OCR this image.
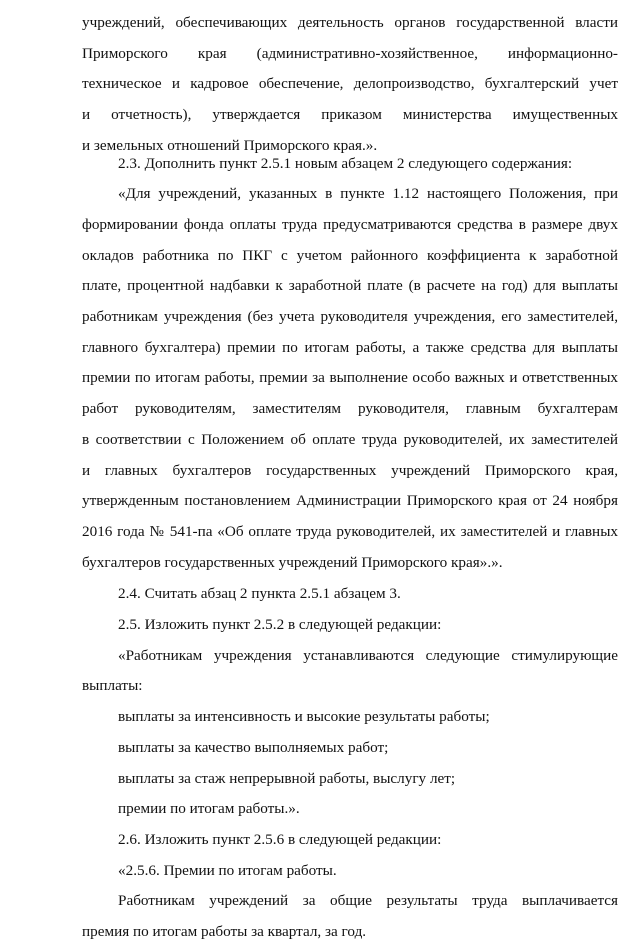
учреждений, обеспечивающих деятельность органов государственной власти
Приморского края (административно-хозяйственное, информационно-
техническое и кадровое обеспечение, делопроизводство, бухгалтерский учет
и отчетность), утверждается приказом министерства имущественных
и земельных отношений Приморского края.».
2.3. Дополнить пункт 2.5.1 новым абзацем 2 следующего содержания:
«Для учреждений, указанных в пункте 1.12 настоящего Положения, при
формировании фонда оплаты труда предусматриваются средства в размере двух
окладов работника по ПКГ с учетом районного коэффициента к заработной
плате, процентной надбавки к заработной плате (в расчете на год) для выплаты
работникам учреждения (без учета руководителя учреждения, его заместителей,
главного бухгалтера) премии по итогам работы, а также средства для выплаты
премии по итогам работы, премии за выполнение особо важных и ответственных
работ руководителям, заместителям руководителя, главным бухгалтерам
в соответствии с Положением об оплате труда руководителей, их заместителей
и главных бухгалтеров государственных учреждений Приморского края,
утвержденным постановлением Администрации Приморского края от 24 ноября
2016 года № 541-па «Об оплате труда руководителей, их заместителей и главных
бухгалтеров государственных учреждений Приморского края».».
2.4. Считать абзац 2 пункта 2.5.1 абзацем 3.
2.5. Изложить пункт 2.5.2 в следующей редакции:
«Работникам учреждения устанавливаются следующие стимулирующие
выплаты:
выплаты за интенсивность и высокие результаты работы;
выплаты за качество выполняемых работ;
выплаты за стаж непрерывной работы, выслугу лет;
премии по итогам работы.».
2.6. Изложить пункт 2.5.6 в следующей редакции:
«2.5.6. Премии по итогам работы.
Работникам учреждений за общие результаты труда выплачивается
премия по итогам работы за квартал, за год.
